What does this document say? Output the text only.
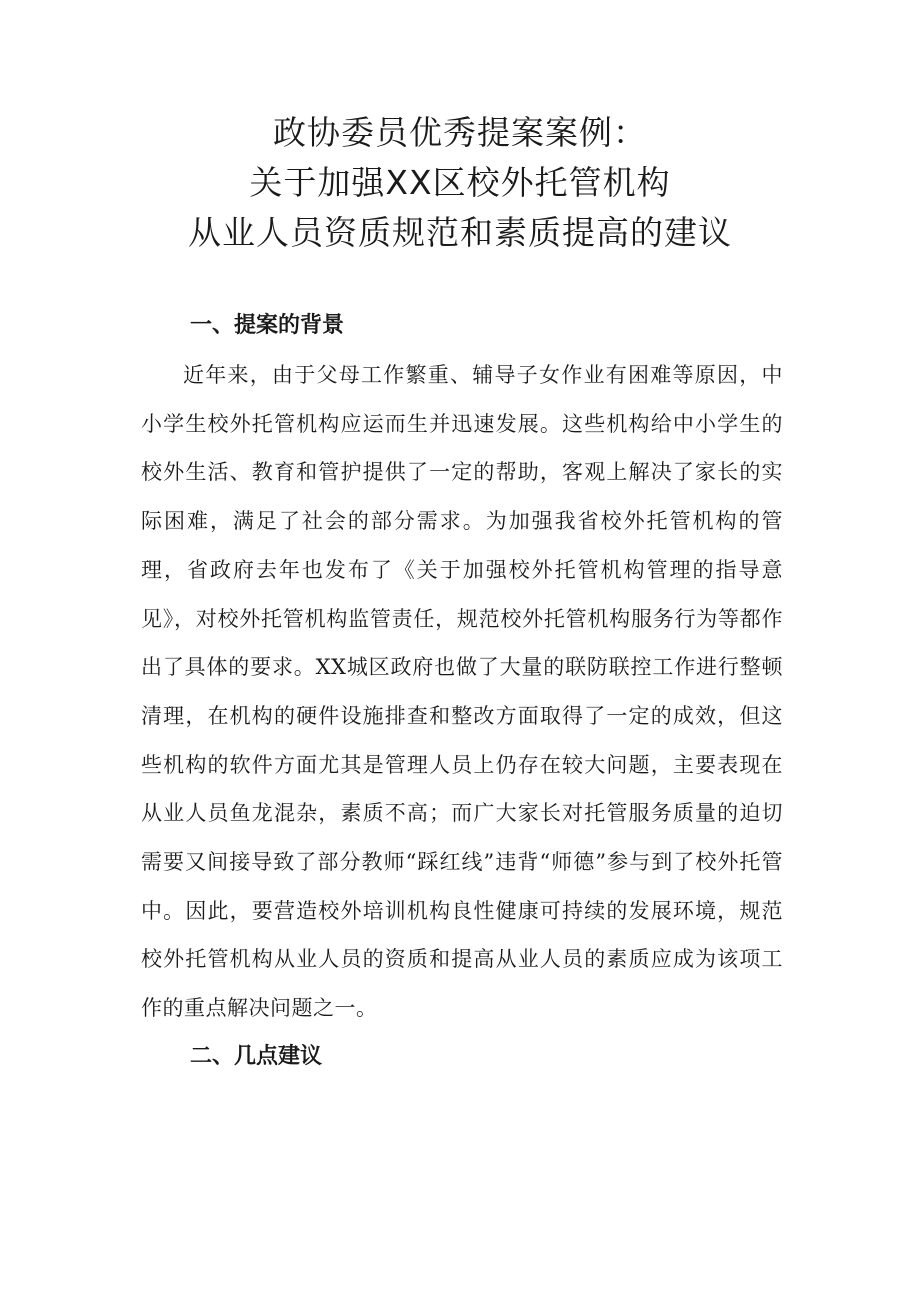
政协委员优秀提案案例：
关于加强XX区校外托管机构
从业人员资质规范和素质提高的建议
一、提案的背景

近年来，由于父母工作繁重、辅导子女作业有困难等原因，中小学生校外托管机构应运而生并迅速发展。这些机构给中小学生的校外生活、教育和管护提供了一定的帮助，客观上解决了家长的实际困难，满足了社会的部分需求。为加强我省校外托管机构的管理，省政府去年也发布了《关于加强校外托管机构管理的指导意见》，对校外托管机构监管责任，规范校外托管机构服务行为等都作出了具体的要求。XX城区政府也做了大量的联防联控工作进行整顿清理，在机构的硬件设施排查和整改方面取得了一定的成效，但这些机构的软件方面尤其是管理人员上仍存在较大问题，主要表现在从业人员鱼龙混杂，素质不高；而广大家长对托管服务质量的迫切需要又间接导致了部分教师“踩红线”违背“师德”参与到了校外托管中。因此，要营造校外培训机构良性健康可持续的发展环境，规范校外托管机构从业人员的资质和提高从业人员的素质应成为该项工作的重点解决问题之一。

二、几点建议
